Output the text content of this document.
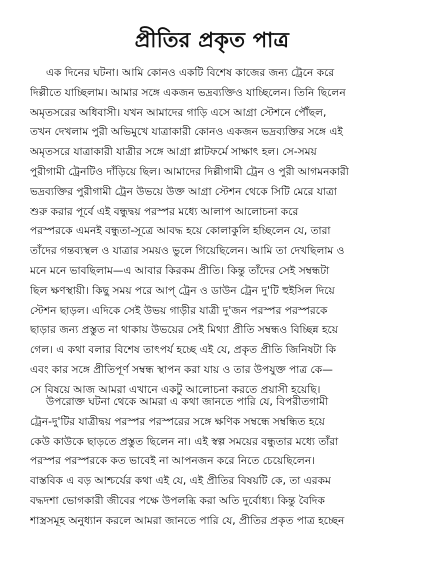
প্রীতির প্রকৃত পাত্র
এক দিনের ঘটনা। আমি কোনও একটি বিশেষ কাজের জন্য ট্রেনে করে
দিল্লীতে যাচ্ছিলাম। আমার সঙ্গে একজন ভদ্রব্যক্তিও যাচ্ছিলেন। তিনি ছিলেন
অমৃতসরের অধিবাসী। যখন আমাদের গাড়ি এসে আগ্রা স্টেশনে পৌঁছল,
তখন দেখলাম পুরী অভিমুখে যাত্রাকারী কোনও একজন ভদ্রব্যক্তির সঙ্গে এই
অমৃতসরে যাত্রাকারী যাত্রীর সঙ্গে আগ্রা প্লাটফর্মে সাক্ষাৎ হল। সে-সময়
পুরীগামী ট্রেনটিও দাঁড়িয়ে ছিল। আমাদের দিল্লীগামী ট্রেন ও পুরী আগমনকারী
ভদ্রব্যক্তির পুরীগামী ট্রেন উভয়ে উক্ত আগ্রা স্টেশন থেকে সিটি মেরে যাত্রা
শুরু করার পূর্বে এই বন্ধুদ্বয় পরস্পর মধ্যে আলাপ আলোচনা করে
পরস্পরকে এমনই বন্ধুতা-সূত্রে আবদ্ধ হয়ে কোলাকুলি হচ্ছিলেন যে, তারা
তাঁদের গন্তব্যস্থল ও যাত্রার সময়ও ভুলে গিয়েছিলেন। আমি তা দেখছিলাম ও
মনে মনে ভাবছিলাম—এ আবার কিরকম প্রীতি। কিন্তু তাঁদের সেই সম্বন্ধটা
ছিল ক্ষণস্থায়ী। কিছু সময় পরে আপ্ ট্রেন ও ডাউন ট্রেন দু'টি হুইসিল দিয়ে
স্টেশন ছাড়ল। এদিকে সেই উভয় গাড়ীর যাত্রী দু'জন পরস্পর পরস্পরকে
ছাড়ার জন্য প্রস্তুত না থাকায় উভয়ের সেই মিথ্যা প্রীতি সম্বন্ধও বিচ্ছিন্ন হয়ে
গেল। এ কথা বলার বিশেষ তাৎপর্য হচ্ছে এই যে, প্রকৃত প্রীতি জিনিষটা কি
এবং কার সঙ্গে প্রীতিপূর্ণ সম্বন্ধ স্থাপন করা যায় ও তার উপযুক্ত পাত্র কে—
সে বিষয়ে আজ আমরা এখানে একটু আলোচনা করতে প্রয়াসী হয়েছি।
উপরোক্ত ঘটনা থেকে আমরা এ কথা জানতে পারি যে, বিপরীতগামী
ট্রেন-দু'টির যাত্রীদ্বয় পরস্পর পরস্পরের সঙ্গে ক্ষণিক সম্বন্ধে সম্বন্ধিত হয়ে
কেউ কাউকে ছাড়তে প্রস্তুত ছিলেন না। এই স্বল্প সময়ের বন্ধুতার মধ্যে তাঁরা
পরস্পর পরস্পরকে কত ভাবেই না আপনজন করে নিতে চেয়েছিলেন।
বাস্তবিক এ বড় আশ্চর্যের কথা এই যে, এই প্রীতির বিষয়টি কে, তা এরকম
বদ্ধদশা ভোগকারী জীবের পক্ষে উপলব্ধি করা অতি দুর্বোধ্য। কিন্তু বৈদিক
শাস্ত্রসমূহ অনুধ্যান করলে আমরা জানতে পারি যে, প্রীতির প্রকৃত পাত্র হচ্ছেন
